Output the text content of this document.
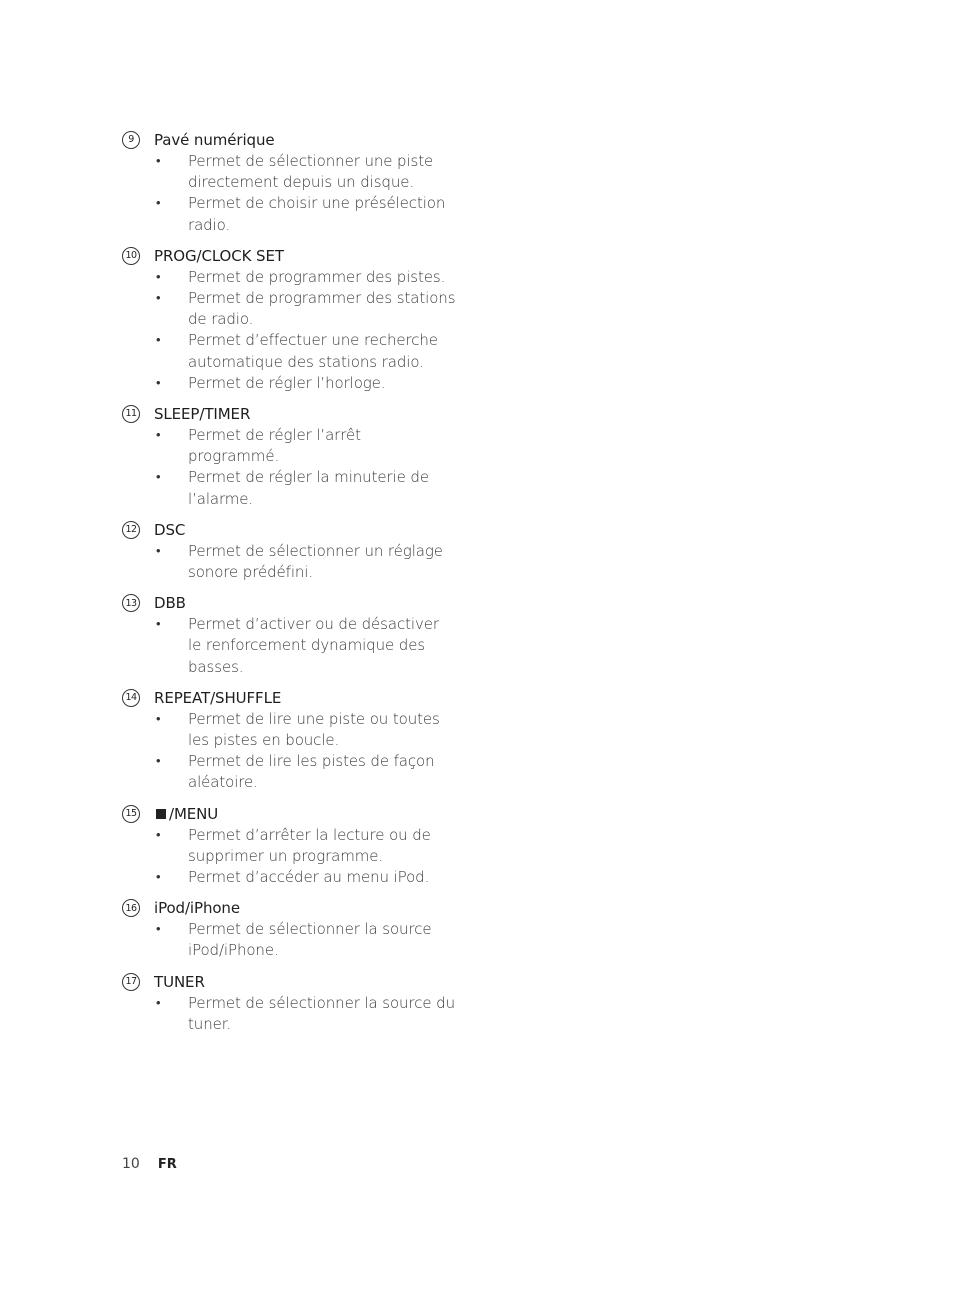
9	Pavé numérique
• Permet de sélectionner une piste directement depuis un disque.
• Permet de choisir une présélection radio.
10 PROG/CLOCK SET
• Permet de programmer des pistes.
• Permet de programmer des stations de radio.
• Permet d’effectuer une recherche automatique des stations radio.
• Permet de régler l’horloge.
11 SLEEP/TIMER
• Permet de régler l’arrêt programmé.
• Permet de régler la minuterie de l’alarme.
12 DSC
• Permet de sélectionner un réglage sonore prédéfini.
13 DBB
• Permet d’activer ou de désactiver le renforcement dynamique des basses.
14 REPEAT/SHUFFLE
• Permet de lire une piste ou toutes les pistes en boucle.
• Permet de lire les pistes de façon aléatoire.
15	/MENU
• Permet d’arrêter la lecture ou de supprimer un programme.
• Permet d’accéder au menu iPod.
16 iPod/iPhone
• Permet de sélectionner la source iPod/iPhone.
17 TUNER
• Permet de sélectionner la source du tuner.
10 FR
